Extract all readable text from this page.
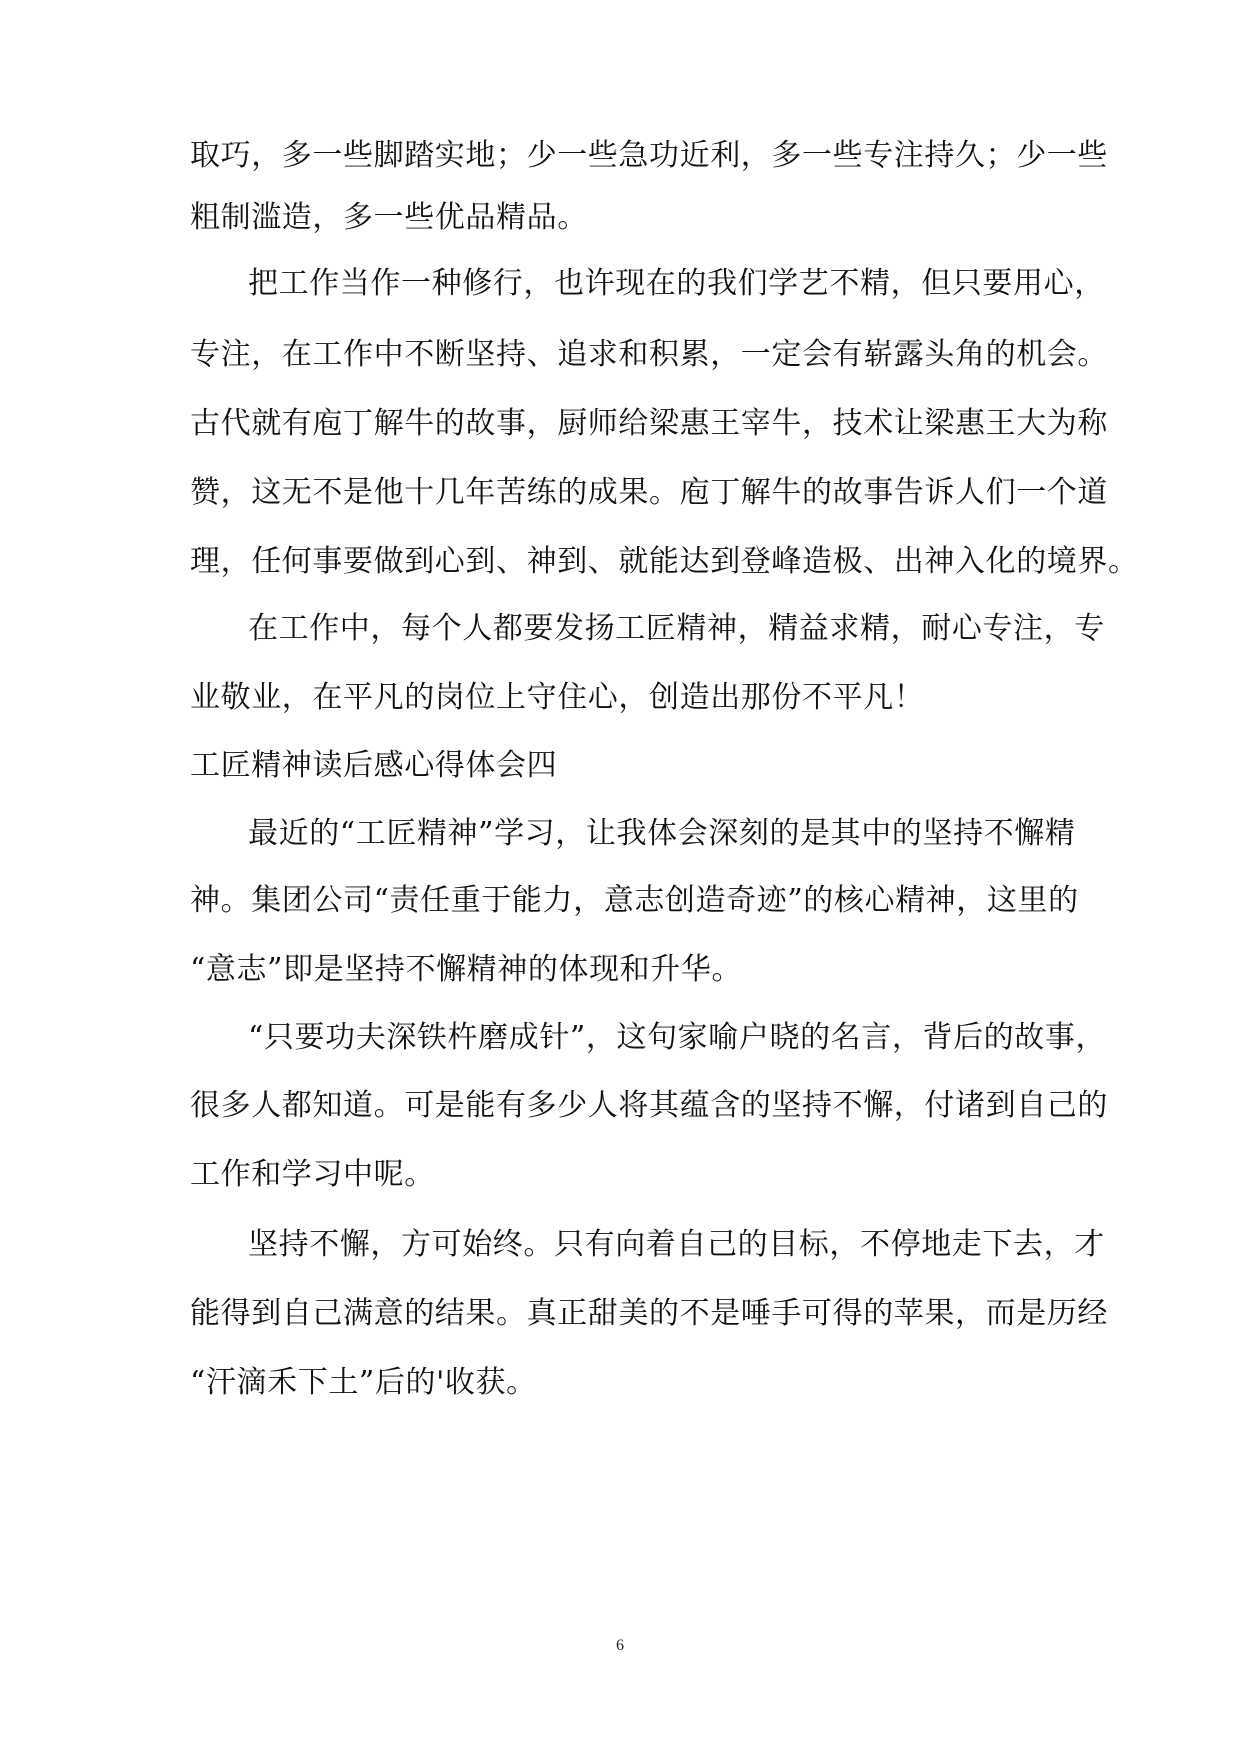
取巧，多一些脚踏实地；少一些急功近利，多一些专注持久；少一些
粗制滥造，多一些优品精品。
把工作当作一种修行，也许现在的我们学艺不精，但只要用心，
专注，在工作中不断坚持、追求和积累，一定会有崭露头角的机会。
古代就有庖丁解牛的故事，厨师给梁惠王宰牛，技术让梁惠王大为称
赞，这无不是他十几年苦练的成果。庖丁解牛的故事告诉人们一个道
理，任何事要做到心到、神到、就能达到登峰造极、出神入化的境界。
在工作中，每个人都要发扬工匠精神，精益求精，耐心专注，专
业敬业，在平凡的岗位上守住心，创造出那份不平凡！
工匠精神读后感心得体会四
最近的“工匠精神”学习，让我体会深刻的是其中的坚持不懈精
神。集团公司“责任重于能力，意志创造奇迹”的核心精神，这里的
“意志”即是坚持不懈精神的体现和升华。
“只要功夫深铁杵磨成针”，这句家喻户晓的名言，背后的故事，
很多人都知道。可是能有多少人将其蕴含的坚持不懈，付诸到自己的
工作和学习中呢。
坚持不懈，方可始终。只有向着自己的目标，不停地走下去，才
能得到自己满意的结果。真正甜美的不是唾手可得的苹果，而是历经
“汗滴禾下土”后的'收获。
6
